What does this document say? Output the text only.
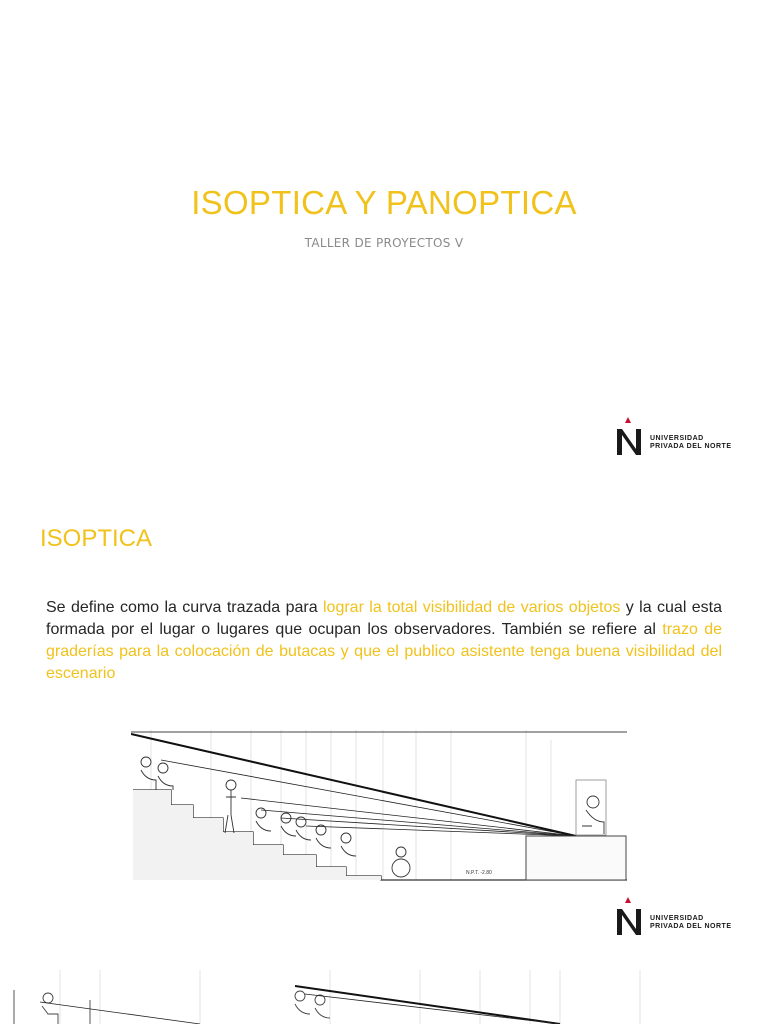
ISOPTICA Y PANOPTICA
TALLER DE PROYECTOS V
UNIVERSIDAD
PRIVADA DEL NORTE
ISOPTICA
Se define como la curva trazada para lograr la total visibilidad de varios objetos y la cual esta formada por el lugar o lugares que ocupan los observadores. También se refiere al trazo de graderías para la colocación de butacas y que el publico asistente tenga buena visibilidad del escenario
N.P.T. -2.80
UNIVERSIDAD
PRIVADA DEL NORTE
